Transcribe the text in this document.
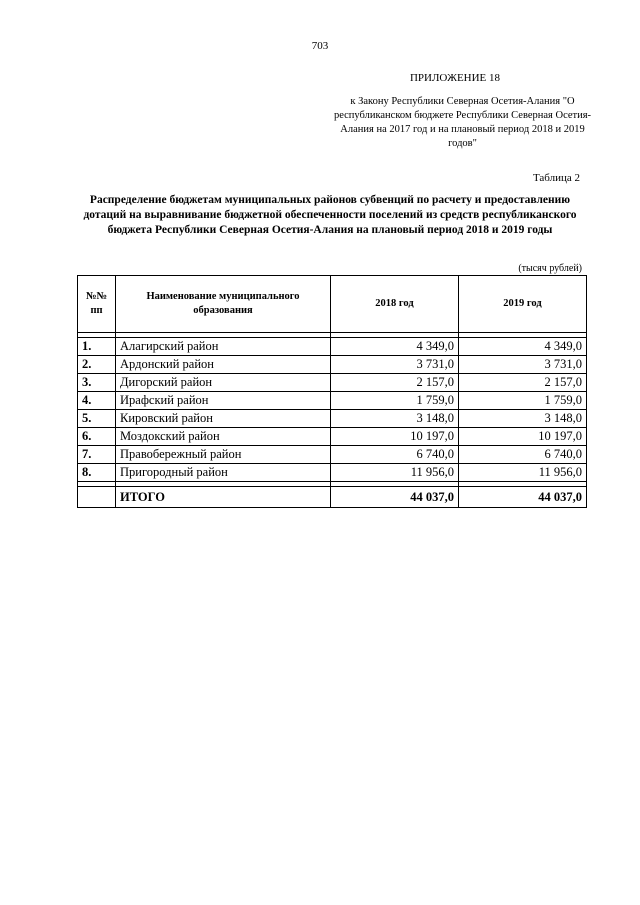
703
ПРИЛОЖЕНИЕ 18
к Закону Республики Северная Осетия-Алания "О республиканском бюджете Республики Северная Осетия-Алания на 2017 год и на плановый период 2018 и 2019 годов"
Таблица 2
Распределение бюджетам муниципальных районов субвенций по расчету и предоставлению дотаций на выравнивание бюджетной обеспеченности поселений из средств республиканского бюджета Республики Северная Осетия-Алания на плановый период 2018 и 2019 годы
(тысяч рублей)
№№ пп	Наименование муниципального образования	2018 год	2019 год

1.	Алагирский район	4 349,0	4 349,0
2.	Ардонский район	3 731,0	3 731,0
3.	Дигорский район	2 157,0	2 157,0
4.	Ирафский район	1 759,0	1 759,0
5.	Кировский район	3 148,0	3 148,0
6.	Моздокский район	10 197,0	10 197,0
7.	Правобережный район	6 740,0	6 740,0
8.	Пригородный район	11 956,0	11 956,0

	ИТОГО	44 037,0	44 037,0
